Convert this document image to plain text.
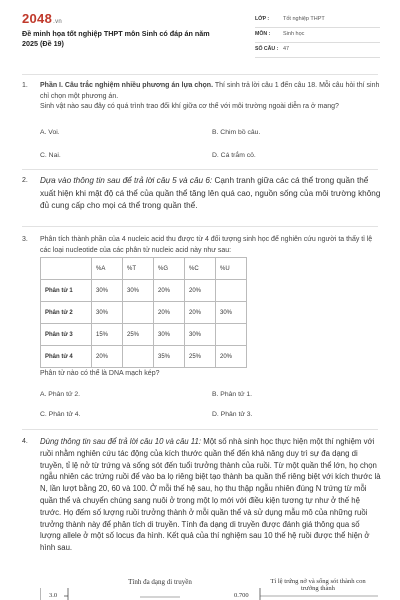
2048.vn
Đề minh họa tốt nghiệp THPT môn Sinh có đáp án năm 2025 (Đề 19)
LỚP :	Tốt nghiệp THPT
MÔN : Sinh học
SỐ CÂU : 47
1. Phần I. Câu trắc nghiệm nhiều phương án lựa chọn. Thí sinh trả lời câu 1 đến câu 18. Mỗi câu hỏi thí sinh chỉ chọn một phương án.
Sinh vật nào sau đây có quá trình trao đổi khí giữa cơ thể với môi trường ngoài diễn ra ở mang?
A. Voi.	B. Chim bồ câu.
C. Nai.	D. Cá trắm cỏ.
2. Dựa vào thông tin sau để trả lời câu 5 và câu 6: Cạnh tranh giữa các cá thể trong quần thể xuất hiện khi mật độ cá thể của quần thể tăng lên quá cao, nguồn sống của môi trường không đủ cung cấp cho mọi cá thể trong quần thể.
3. Phân tích thành phần của 4 nucleic acid thu được từ 4 đối tượng sinh học để nghiên cứu người ta thấy tỉ lệ các loại nucleotide của các phân tử nucleic acid này như sau:
	%A	%T	%G	%C	%U
Phân tử 1	30%	30%	20%	20%	
Phân tử 2	30%		20%	20%	30%
Phân tử 3	15%	25%	30%	30%	
Phân tử 4	20%		35%	25%	20%
Phân tử nào có thể là DNA mạch kép?
A. Phân tử 2.	B. Phân tử 1.
C. Phân tử 4.	D. Phân tử 3.
4. Dùng thông tin sau để trả lời câu 10 và câu 11: Một số nhà sinh học thực hiện một thí nghiệm với ruồi nhằm nghiên cứu tác động của kích thước quần thể đến khả năng duy trì sự đa dạng di truyền, tỉ lệ nở từ trứng và sống sót đến tuổi trưởng thành của ruồi. Từ một quần thể lớn, họ chọn ngẫu nhiên các trứng ruồi để vào ba lọ riêng biệt tạo thành ba quần thể riêng biệt với kích thước là N, lần lượt bằng 20, 60 và 100. Ở mỗi thế hệ sau, họ thu thập ngẫu nhiên đúng N trứng từ mỗi quần thể và chuyển chúng sang nuôi ở trong một lọ mới với điều kiện tương tự như ở thế hệ trước. Họ đếm số lượng ruồi trưởng thành ở mỗi quần thể và sử dụng mẫu mô của những ruồi trưởng thành này để phân tích di truyền. Tính đa dạng di truyền được đánh giá thông qua số lượng allele ở một số locus đa hình. Kết quả của thí nghiệm sau 10 thế hệ ruồi được thể hiện ở hình sau.
Tính đa dạng di truyền
3.0
Tỉ lệ trứng nở và sống sót thành con trưởng thành
0.700
